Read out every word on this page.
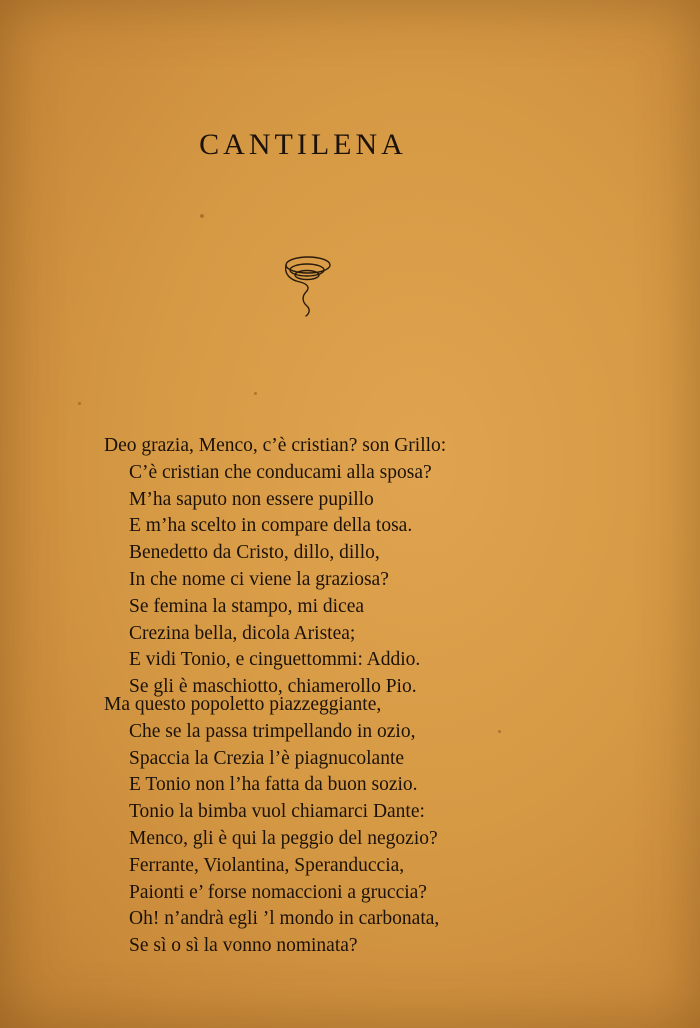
CANTILENA
Deo grazia, Menco, c’è cristian? son Grillo:
C’è cristian che conducami alla sposa?
M’ha saputo non essere pupillo
E m’ha scelto in compare della tosa.
Benedetto da Cristo, dillo, dillo,
In che nome ci viene la graziosa?
Se femina la stampo, mi dicea
Crezina bella, dicola Aristea;
E vidi Tonio, e cinguettommi: Addio.
Se gli è maschiotto, chiamerollo Pio.
Ma questo popoletto piazzeggiante,
Che se la passa trimpellando in ozio,
Spaccia la Crezia l’è piagnucolante
E Tonio non l’ha fatta da buon sozio.
Tonio la bimba vuol chiamarci Dante:
Menco, gli è qui la peggio del negozio?
Ferrante, Violantina, Speranduccia,
Paionti e’ forse nomaccioni a gruccia?
Oh! n’andrà egli ’l mondo in carbonata,
Se sì o sì la vonno nominata?
